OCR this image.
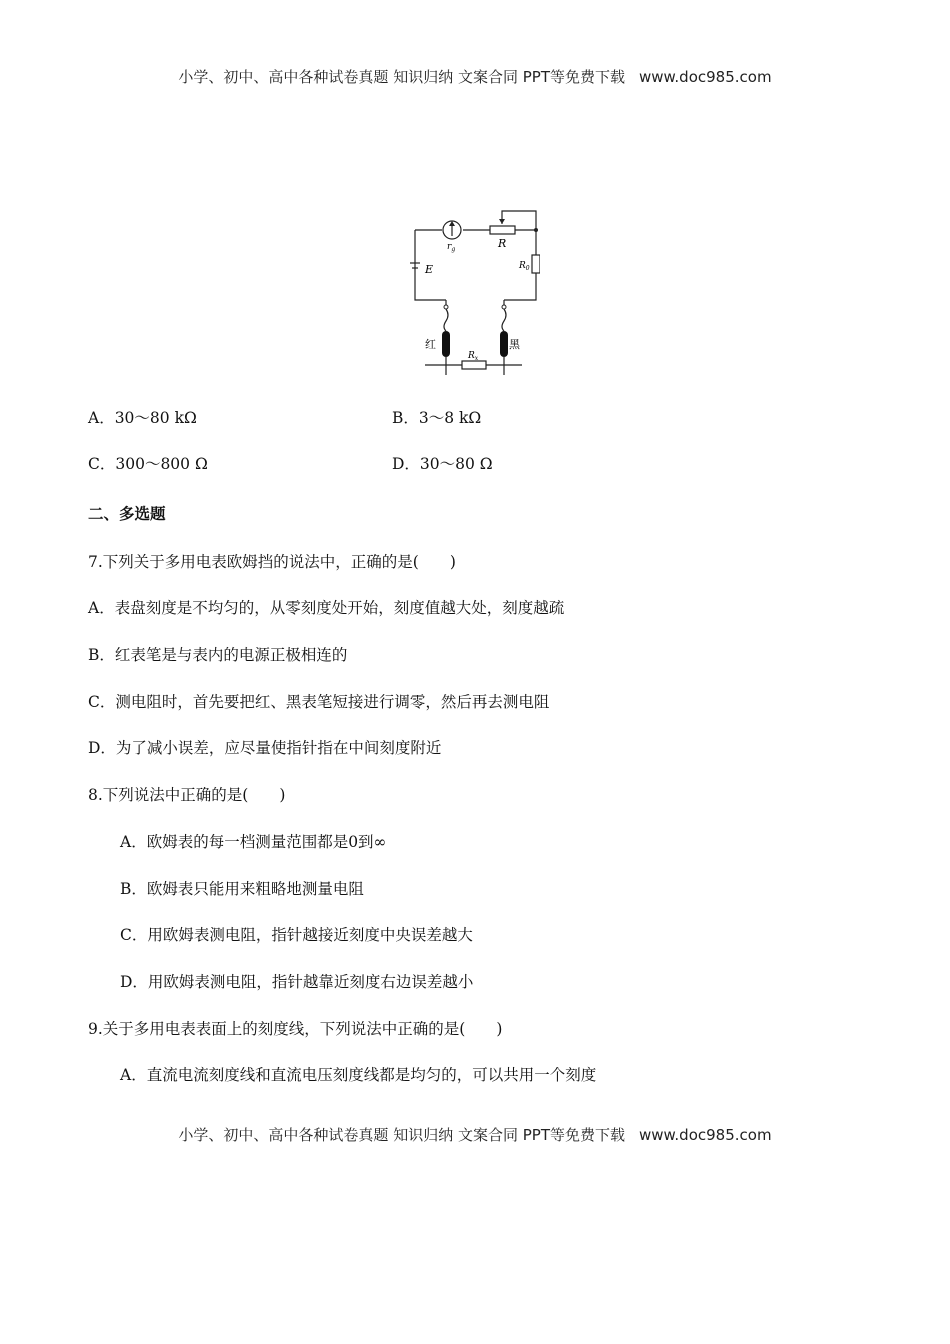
小学、初中、高中各种试卷真题 知识归纳 文案合同 PPT等免费下载 www.doc985.com
$r_g$	R
$R_0$
E
红	黑
$R_x$
A．30～80 kΩ	B．3～8 kΩ
C．300～800 Ω	D．30～80 Ω
二、多选题
7.下列关于多用电表欧姆挡的说法中，正确的是(　　)
A．表盘刻度是不均匀的，从零刻度处开始，刻度值越大处，刻度越疏
B．红表笔是与表内的电源正极相连的
C．测电阻时，首先要把红、黑表笔短接进行调零，然后再去测电阻
D．为了减小误差，应尽量使指针指在中间刻度附近
8.下列说法中正确的是(　　)
A．欧姆表的每一档测量范围都是0到∞
B．欧姆表只能用来粗略地测量电阻
C．用欧姆表测电阻，指针越接近刻度中央误差越大
D．用欧姆表测电阻，指针越靠近刻度右边误差越小
9.关于多用电表表面上的刻度线，下列说法中正确的是(　　)
A．直流电流刻度线和直流电压刻度线都是均匀的，可以共用一个刻度
小学、初中、高中各种试卷真题 知识归纳 文案合同 PPT等免费下载 www.doc985.com
